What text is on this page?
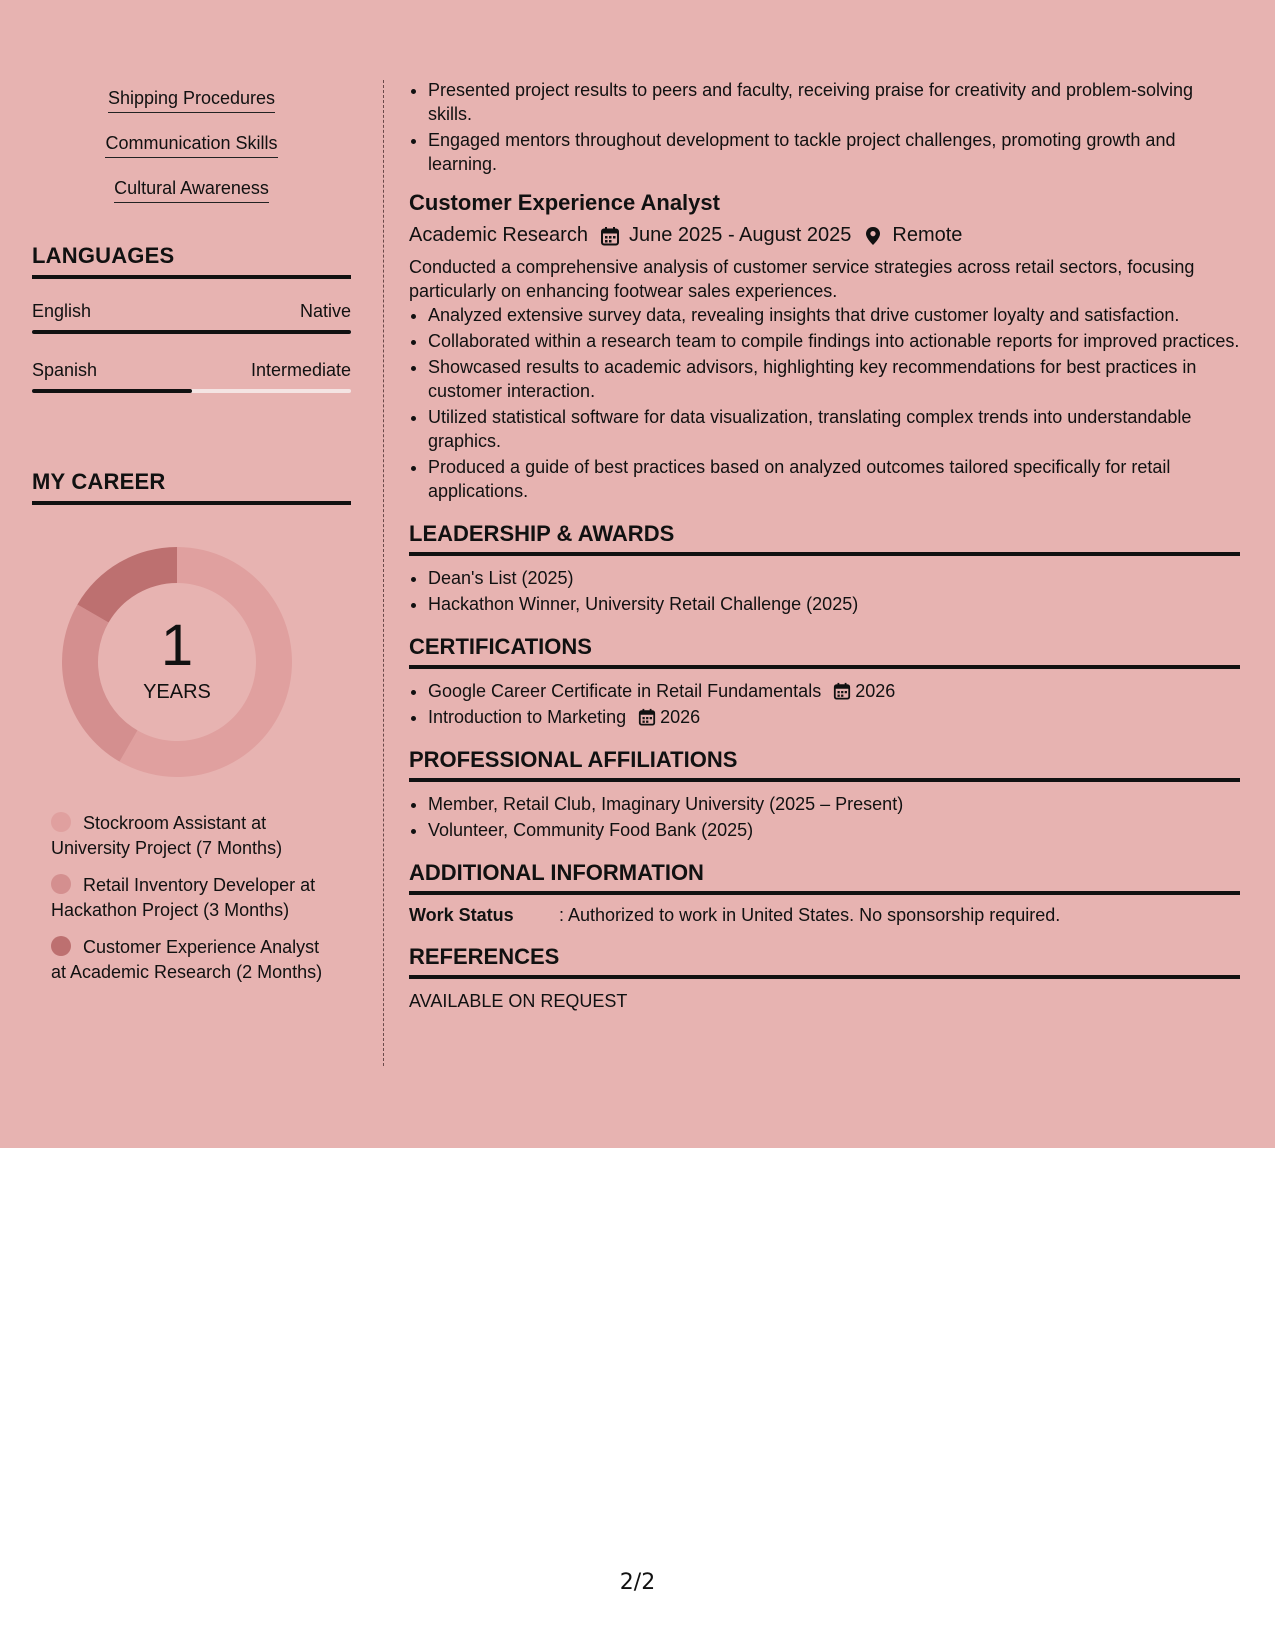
Shipping Procedures
Communication Skills
Cultural Awareness
LANGUAGES
English	Native
Spanish	Intermediate
MY CAREER
1
YEARS
Stockroom Assistant at University Project (7 Months)
Retail Inventory Developer at Hackathon Project (3 Months)
Customer Experience Analyst at Academic Research (2 Months)
• Presented project results to peers and faculty, receiving praise for creativity and problem-solving skills.
• Engaged mentors throughout development to tackle project challenges, promoting growth and learning.
Customer Experience Analyst
Academic Research June 2025 - August 2025 Remote
Conducted a comprehensive analysis of customer service strategies across retail sectors, focusing particularly on enhancing footwear sales experiences.
• Analyzed extensive survey data, revealing insights that drive customer loyalty and satisfaction.
• Collaborated within a research team to compile findings into actionable reports for improved practices.
• Showcased results to academic advisors, highlighting key recommendations for best practices in customer interaction.
• Utilized statistical software for data visualization, translating complex trends into understandable graphics.
• Produced a guide of best practices based on analyzed outcomes tailored specifically for retail applications.
LEADERSHIP & AWARDS
• Dean's List (2025)
• Hackathon Winner, University Retail Challenge (2025)
CERTIFICATIONS
• Google Career Certificate in Retail Fundamentals 2026
• Introduction to Marketing 2026
PROFESSIONAL AFFILIATIONS
• Member, Retail Club, Imaginary University (2025 – Present)
• Volunteer, Community Food Bank (2025)
ADDITIONAL INFORMATION
Work Status	: Authorized to work in United States. No sponsorship required.
REFERENCES
AVAILABLE ON REQUEST
2/2
